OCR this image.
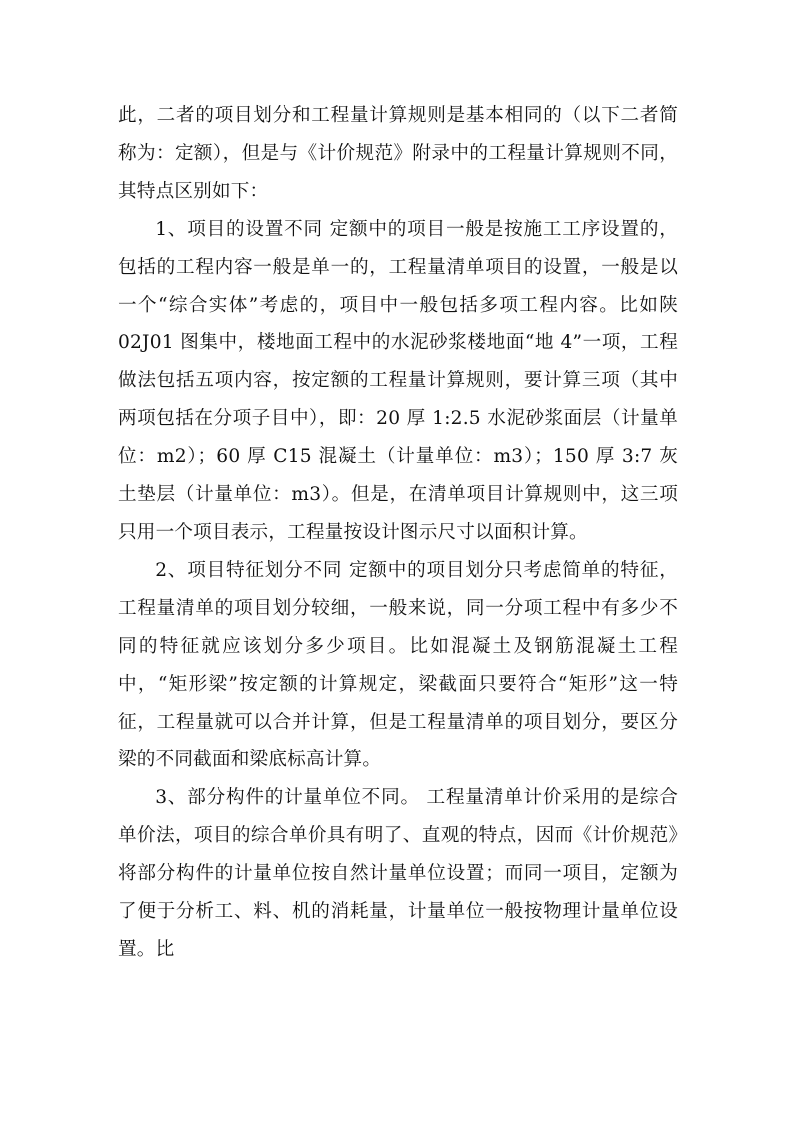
此，二者的项目划分和工程量计算规则是基本相同的（以下二者简称为：定额），但是与《计价规范》附录中的工程量计算规则不同，其特点区别如下：

1、项目的设置不同 定额中的项目一般是按施工工序设置的，包括的工程内容一般是单一的，工程量清单项目的设置，一般是以一个“综合实体”考虑的，项目中一般包括多项工程内容。比如陕 02J01 图集中，楼地面工程中的水泥砂浆楼地面“地 4”一项，工程做法包括五项内容，按定额的工程量计算规则，要计算三项（其中两项包括在分项子目中），即：20 厚 1:2.5 水泥砂浆面层（计量单位：m2）；60 厚 C15 混凝土（计量单位：m3）；150 厚 3:7 灰土垫层（计量单位：m3）。但是，在清单项目计算规则中，这三项只用一个项目表示，工程量按设计图示尺寸以面积计算。

2、项目特征划分不同 定额中的项目划分只考虑简单的特征，工程量清单的项目划分较细，一般来说，同一分项工程中有多少不同的特征就应该划分多少项目。比如混凝土及钢筋混凝土工程中，“矩形梁”按定额的计算规定，梁截面只要符合“矩形”这一特征，工程量就可以合并计算，但是工程量清单的项目划分，要区分梁的不同截面和梁底标高计算。

3、部分构件的计量单位不同。 工程量清单计价采用的是综合单价法，项目的综合单价具有明了、直观的特点，因而《计价规范》将部分构件的计量单位按自然计量单位设置；而同一项目，定额为了便于分析工、料、机的消耗量，计量单位一般按物理计量单位设置。比
